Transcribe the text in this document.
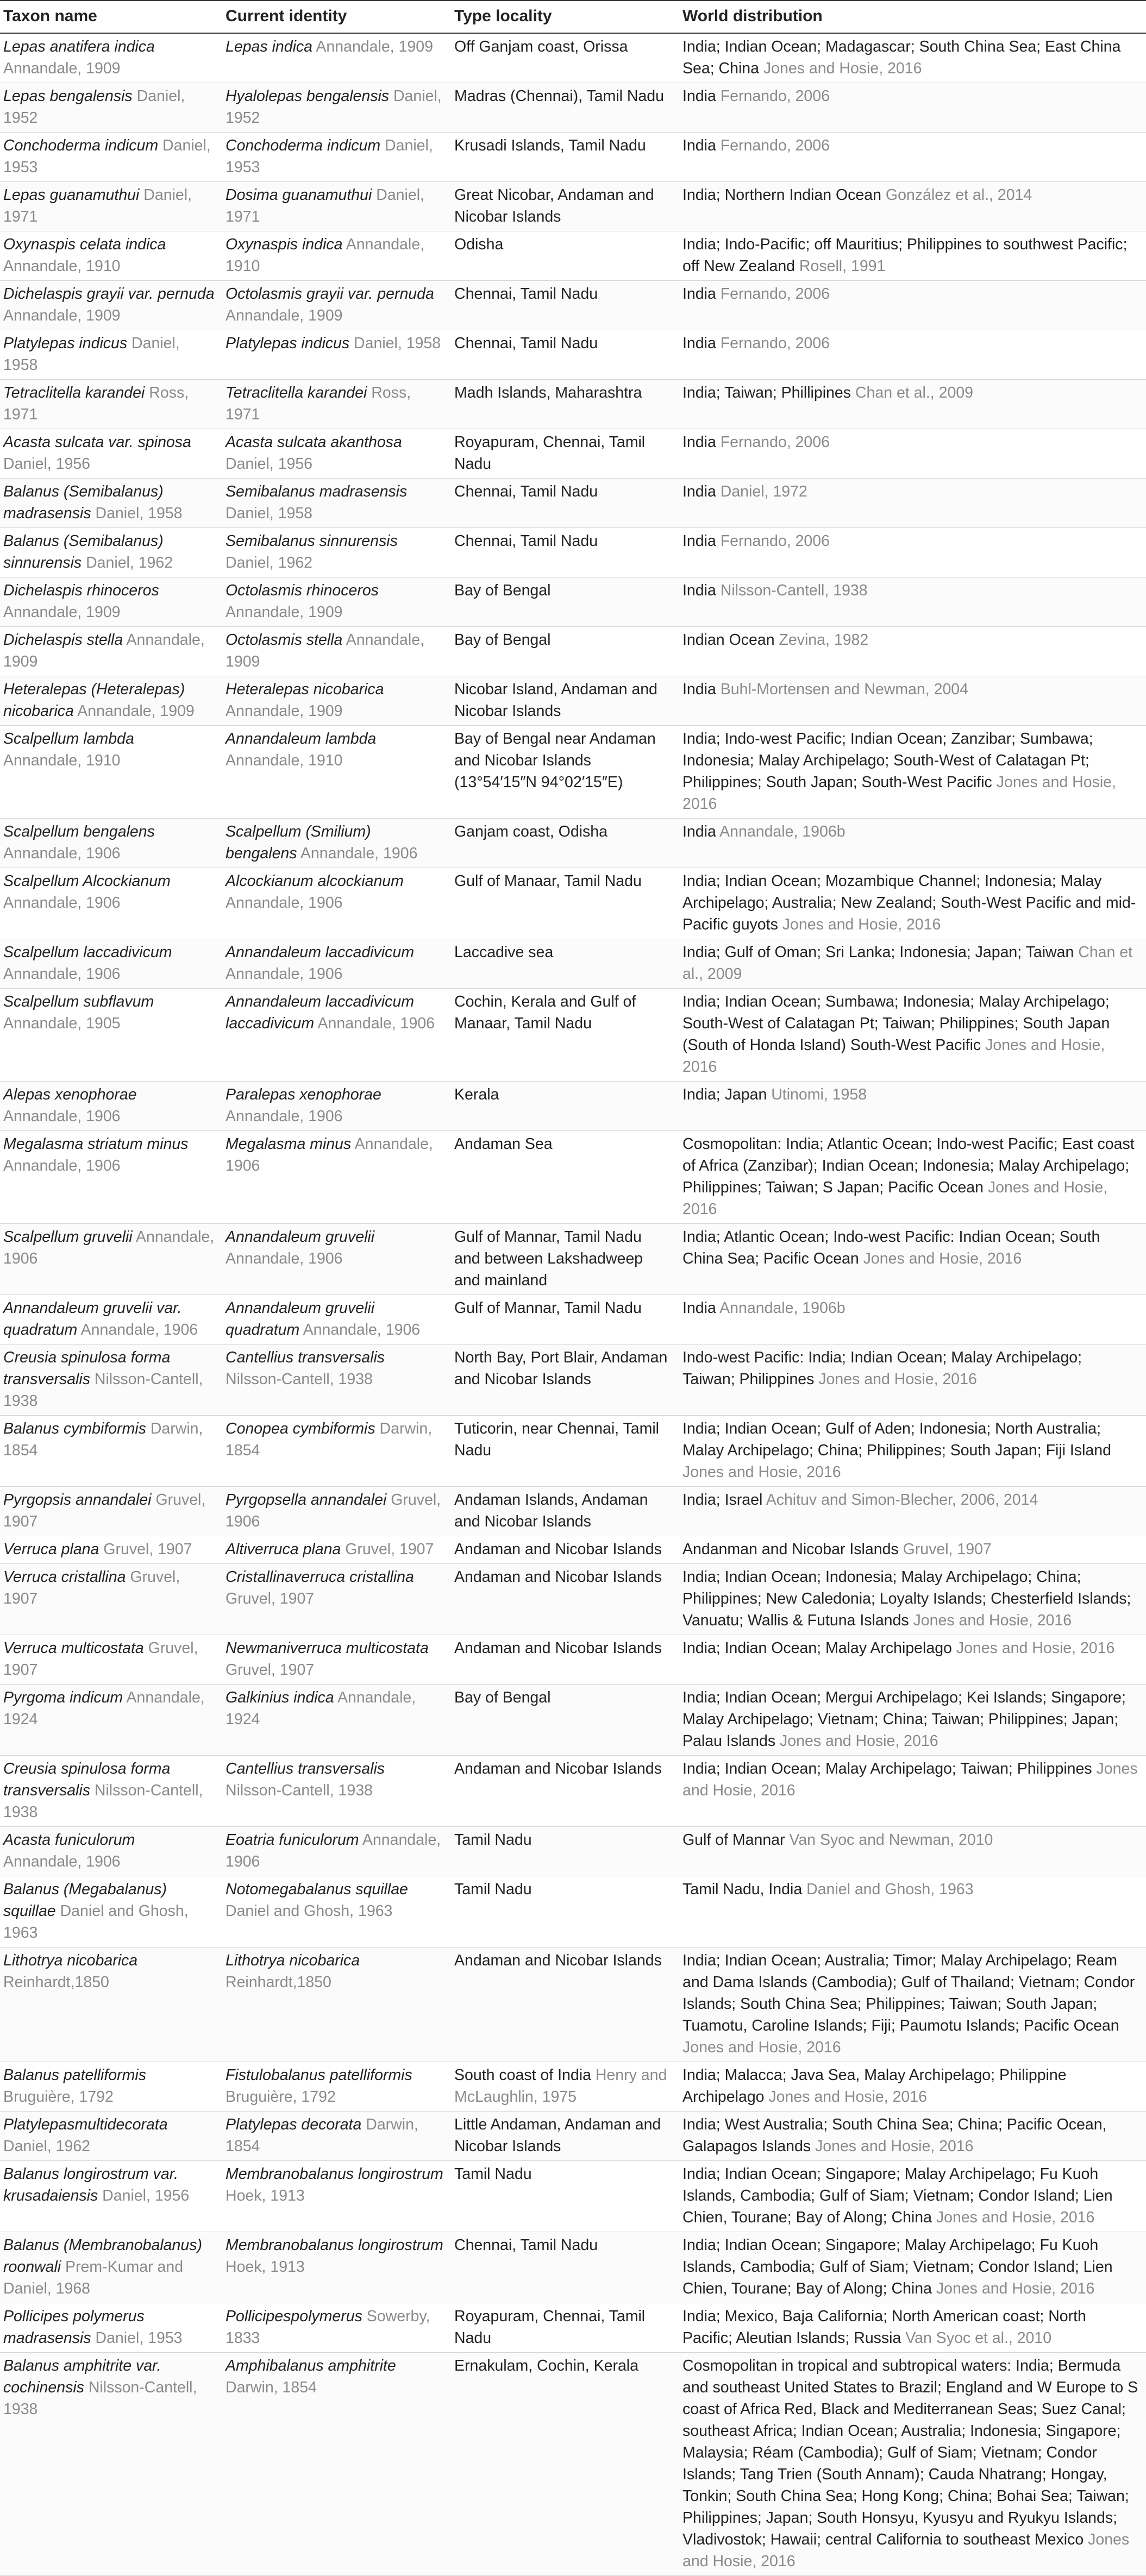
Taxon name	Current identity	Type locality	World distribution
Lepas anatifera indica Annandale, 1909	Lepas indica Annandale, 1909	Off Ganjam coast, Orissa	India; Indian Ocean; Madagascar; South China Sea; East China Sea; China Jones and Hosie, 2016
Lepas bengalensis Daniel, 1952	Hyalolepas bengalensis Daniel, 1952	Madras (Chennai), Tamil Nadu	India Fernando, 2006
Conchoderma indicum Daniel, 1953	Conchoderma indicum Daniel, 1953	Krusadi Islands, Tamil Nadu	India Fernando, 2006
Lepas guanamuthui Daniel, 1971	Dosima guanamuthui Daniel, 1971	Great Nicobar, Andaman and Nicobar Islands	India; Northern Indian Ocean González et al., 2014
Oxynaspis celata indica Annandale, 1910	Oxynaspis indica Annandale, 1910	Odisha	India; Indo-Pacific; off Mauritius; Philippines to southwest Pacific; off New Zealand Rosell, 1991
Dichelaspis grayii var. pernuda Annandale, 1909	Octolasmis grayii var. pernuda Annandale, 1909	Chennai, Tamil Nadu	India Fernando, 2006
Platylepas indicus Daniel, 1958	Platylepas indicus Daniel, 1958	Chennai, Tamil Nadu	India Fernando, 2006
Tetraclitella karandei Ross, 1971	Tetraclitella karandei Ross, 1971	Madh Islands, Maharashtra	India; Taiwan; Phillipines Chan et al., 2009
Acasta sulcata var. spinosa Daniel, 1956	Acasta sulcata akanthosa Daniel, 1956	Royapuram, Chennai, Tamil Nadu	India Fernando, 2006
Balanus (Semibalanus) madrasensis Daniel, 1958	Semibalanus madrasensis Daniel, 1958	Chennai, Tamil Nadu	India Daniel, 1972
Balanus (Semibalanus) sinnurensis Daniel, 1962	Semibalanus sinnurensis Daniel, 1962	Chennai, Tamil Nadu	India Fernando, 2006
Dichelaspis rhinoceros Annandale, 1909	Octolasmis rhinoceros Annandale, 1909	Bay of Bengal	India Nilsson-Cantell, 1938
Dichelaspis stella Annandale, 1909	Octolasmis stella Annandale, 1909	Bay of Bengal	Indian Ocean Zevina, 1982
Heteralepas (Heteralepas) nicobarica Annandale, 1909	Heteralepas nicobarica Annandale, 1909	Nicobar Island, Andaman and Nicobar Islands	India Buhl-Mortensen and Newman, 2004
Scalpellum lambda Annandale, 1910	Annandaleum lambda Annandale, 1910	Bay of Bengal near Andaman and Nicobar Islands (13°54′15″N 94°02′15″E)	India; Indo-west Pacific; Indian Ocean; Zanzibar; Sumbawa; Indonesia; Malay Archipelago; South-West of Calatagan Pt; Philippines; South Japan; South-West Pacific Jones and Hosie, 2016
Scalpellum bengalens Annandale, 1906	Scalpellum (Smilium) bengalens Annandale, 1906	Ganjam coast, Odisha	India Annandale, 1906b
Scalpellum Alcockianum Annandale, 1906	Alcockianum alcockianum Annandale, 1906	Gulf of Manaar, Tamil Nadu	India; Indian Ocean; Mozambique Channel; Indonesia; Malay Archipelago; Australia; New Zealand; South-West Pacific and mid-Pacific guyots Jones and Hosie, 2016
Scalpellum laccadivicum Annandale, 1906	Annandaleum laccadivicum Annandale, 1906	Laccadive sea	India; Gulf of Oman; Sri Lanka; Indonesia; Japan; Taiwan Chan et al., 2009
Scalpellum subflavum Annandale, 1905	Annandaleum laccadivicum laccadivicum Annandale, 1906	Cochin, Kerala and Gulf of Manaar, Tamil Nadu	India; Indian Ocean; Sumbawa; Indonesia; Malay Archipelago; South-West of Calatagan Pt; Taiwan; Philippines; South Japan (South of Honda Island) South-West Pacific Jones and Hosie, 2016
Alepas xenophorae Annandale, 1906	Paralepas xenophorae Annandale, 1906	Kerala	India; Japan Utinomi, 1958
Megalasma striatum minus Annandale, 1906	Megalasma minus Annandale, 1906	Andaman Sea	Cosmopolitan: India; Atlantic Ocean; Indo-west Pacific; East coast of Africa (Zanzibar); Indian Ocean; Indonesia; Malay Archipelago; Philippines; Taiwan; S Japan; Pacific Ocean Jones and Hosie, 2016
Scalpellum gruvelii Annandale, 1906	Annandaleum gruvelii Annandale, 1906	Gulf of Mannar, Tamil Nadu and between Lakshadweep and mainland	India; Atlantic Ocean; Indo-west Pacific: Indian Ocean; South China Sea; Pacific Ocean Jones and Hosie, 2016
Annandaleum gruvelii var. quadratum Annandale, 1906	Annandaleum gruvelii quadratum Annandale, 1906	Gulf of Mannar, Tamil Nadu	India Annandale, 1906b
Creusia spinulosa forma transversalis Nilsson-Cantell, 1938	Cantellius transversalis Nilsson-Cantell, 1938	North Bay, Port Blair, Andaman and Nicobar Islands	Indo-west Pacific: India; Indian Ocean; Malay Archipelago; Taiwan; Philippines Jones and Hosie, 2016
Balanus cymbiformis Darwin, 1854	Conopea cymbiformis Darwin, 1854	Tuticorin, near Chennai, Tamil Nadu	India; Indian Ocean; Gulf of Aden; Indonesia; North Australia; Malay Archipelago; China; Philippines; South Japan; Fiji Island Jones and Hosie, 2016
Pyrgopsis annandalei Gruvel, 1907	Pyrgopsella annandalei Gruvel, 1906	Andaman Islands, Andaman and Nicobar Islands	India; Israel Achituv and Simon-Blecher, 2006, 2014
Verruca plana Gruvel, 1907	Altiverruca plana Gruvel, 1907	Andaman and Nicobar Islands	Andanman and Nicobar Islands Gruvel, 1907
Verruca cristallina Gruvel, 1907	Cristallinaverruca cristallina Gruvel, 1907	Andaman and Nicobar Islands	India; Indian Ocean; Indonesia; Malay Archipelago; China; Philippines; New Caledonia; Loyalty Islands; Chesterfield Islands; Vanuatu; Wallis & Futuna Islands Jones and Hosie, 2016
Verruca multicostata Gruvel, 1907	Newmaniverruca multicostata Gruvel, 1907	Andaman and Nicobar Islands	India; Indian Ocean; Malay Archipelago Jones and Hosie, 2016
Pyrgoma indicum Annandale, 1924	Galkinius indica Annandale, 1924	Bay of Bengal	India; Indian Ocean; Mergui Archipelago; Kei Islands; Singapore; Malay Archipelago; Vietnam; China; Taiwan; Philippines; Japan; Palau Islands Jones and Hosie, 2016
Creusia spinulosa forma transversalis Nilsson-Cantell, 1938	Cantellius transversalis Nilsson-Cantell, 1938	Andaman and Nicobar Islands	India; Indian Ocean; Malay Archipelago; Taiwan; Philippines Jones and Hosie, 2016
Acasta funiculorum Annandale, 1906	Eoatria funiculorum Annandale, 1906	Tamil Nadu	Gulf of Mannar Van Syoc and Newman, 2010
Balanus (Megabalanus) squillae Daniel and Ghosh, 1963	Notomegabalanus squillae Daniel and Ghosh, 1963	Tamil Nadu	Tamil Nadu, India Daniel and Ghosh, 1963
Lithotrya nicobarica Reinhardt,1850	Lithotrya nicobarica Reinhardt,1850	Andaman and Nicobar Islands	India; Indian Ocean; Australia; Timor; Malay Archipelago; Ream and Dama Islands (Cambodia); Gulf of Thailand; Vietnam; Condor Islands; South China Sea; Philippines; Taiwan; South Japan; Tuamotu, Caroline Islands; Fiji; Paumotu Islands; Pacific Ocean Jones and Hosie, 2016
Balanus patelliformis Bruguière, 1792	Fistulobalanus patelliformis Bruguière, 1792	South coast of India Henry and McLaughlin, 1975	India; Malacca; Java Sea, Malay Archipelago; Philippine Archipelago Jones and Hosie, 2016
Platylepasmultidecorata Daniel, 1962	Platylepas decorata Darwin, 1854	Little Andaman, Andaman and Nicobar Islands	India; West Australia; South China Sea; China; Pacific Ocean, Galapagos Islands Jones and Hosie, 2016
Balanus longirostrum var. krusadaiensis Daniel, 1956	Membranobalanus longirostrum Hoek, 1913	Tamil Nadu	India; Indian Ocean; Singapore; Malay Archipelago; Fu Kuoh Islands, Cambodia; Gulf of Siam; Vietnam; Condor Island; Lien Chien, Tourane; Bay of Along; China Jones and Hosie, 2016
Balanus (Membranobalanus) roonwali Prem-Kumar and Daniel, 1968	Membranobalanus longirostrum Hoek, 1913	Chennai, Tamil Nadu	India; Indian Ocean; Singapore; Malay Archipelago; Fu Kuoh Islands, Cambodia; Gulf of Siam; Vietnam; Condor Island; Lien Chien, Tourane; Bay of Along; China Jones and Hosie, 2016
Pollicipes polymerus madrasensis Daniel, 1953	Pollicipespolymerus Sowerby, 1833	Royapuram, Chennai, Tamil Nadu	India; Mexico, Baja California; North American coast; North Pacific; Aleutian Islands; Russia Van Syoc et al., 2010
Balanus amphitrite var. cochinensis Nilsson-Cantell, 1938	Amphibalanus amphitrite Darwin, 1854	Ernakulam, Cochin, Kerala	Cosmopolitan in tropical and subtropical waters: India; Bermuda and southeast United States to Brazil; England and W Europe to S coast of Africa Red, Black and Mediterranean Seas; Suez Canal; southeast Africa; Indian Ocean; Australia; Indonesia; Singapore; Malaysia; Réam (Cambodia); Gulf of Siam; Vietnam; Condor Islands; Tang Trien (South Annam); Cauda Nhatrang; Hongay, Tonkin; South China Sea; Hong Kong; China; Bohai Sea; Taiwan; Philippines; Japan; South Honsyu, Kyusyu and Ryukyu Islands; Vladivostok; Hawaii; central California to southeast Mexico Jones and Hosie, 2016
